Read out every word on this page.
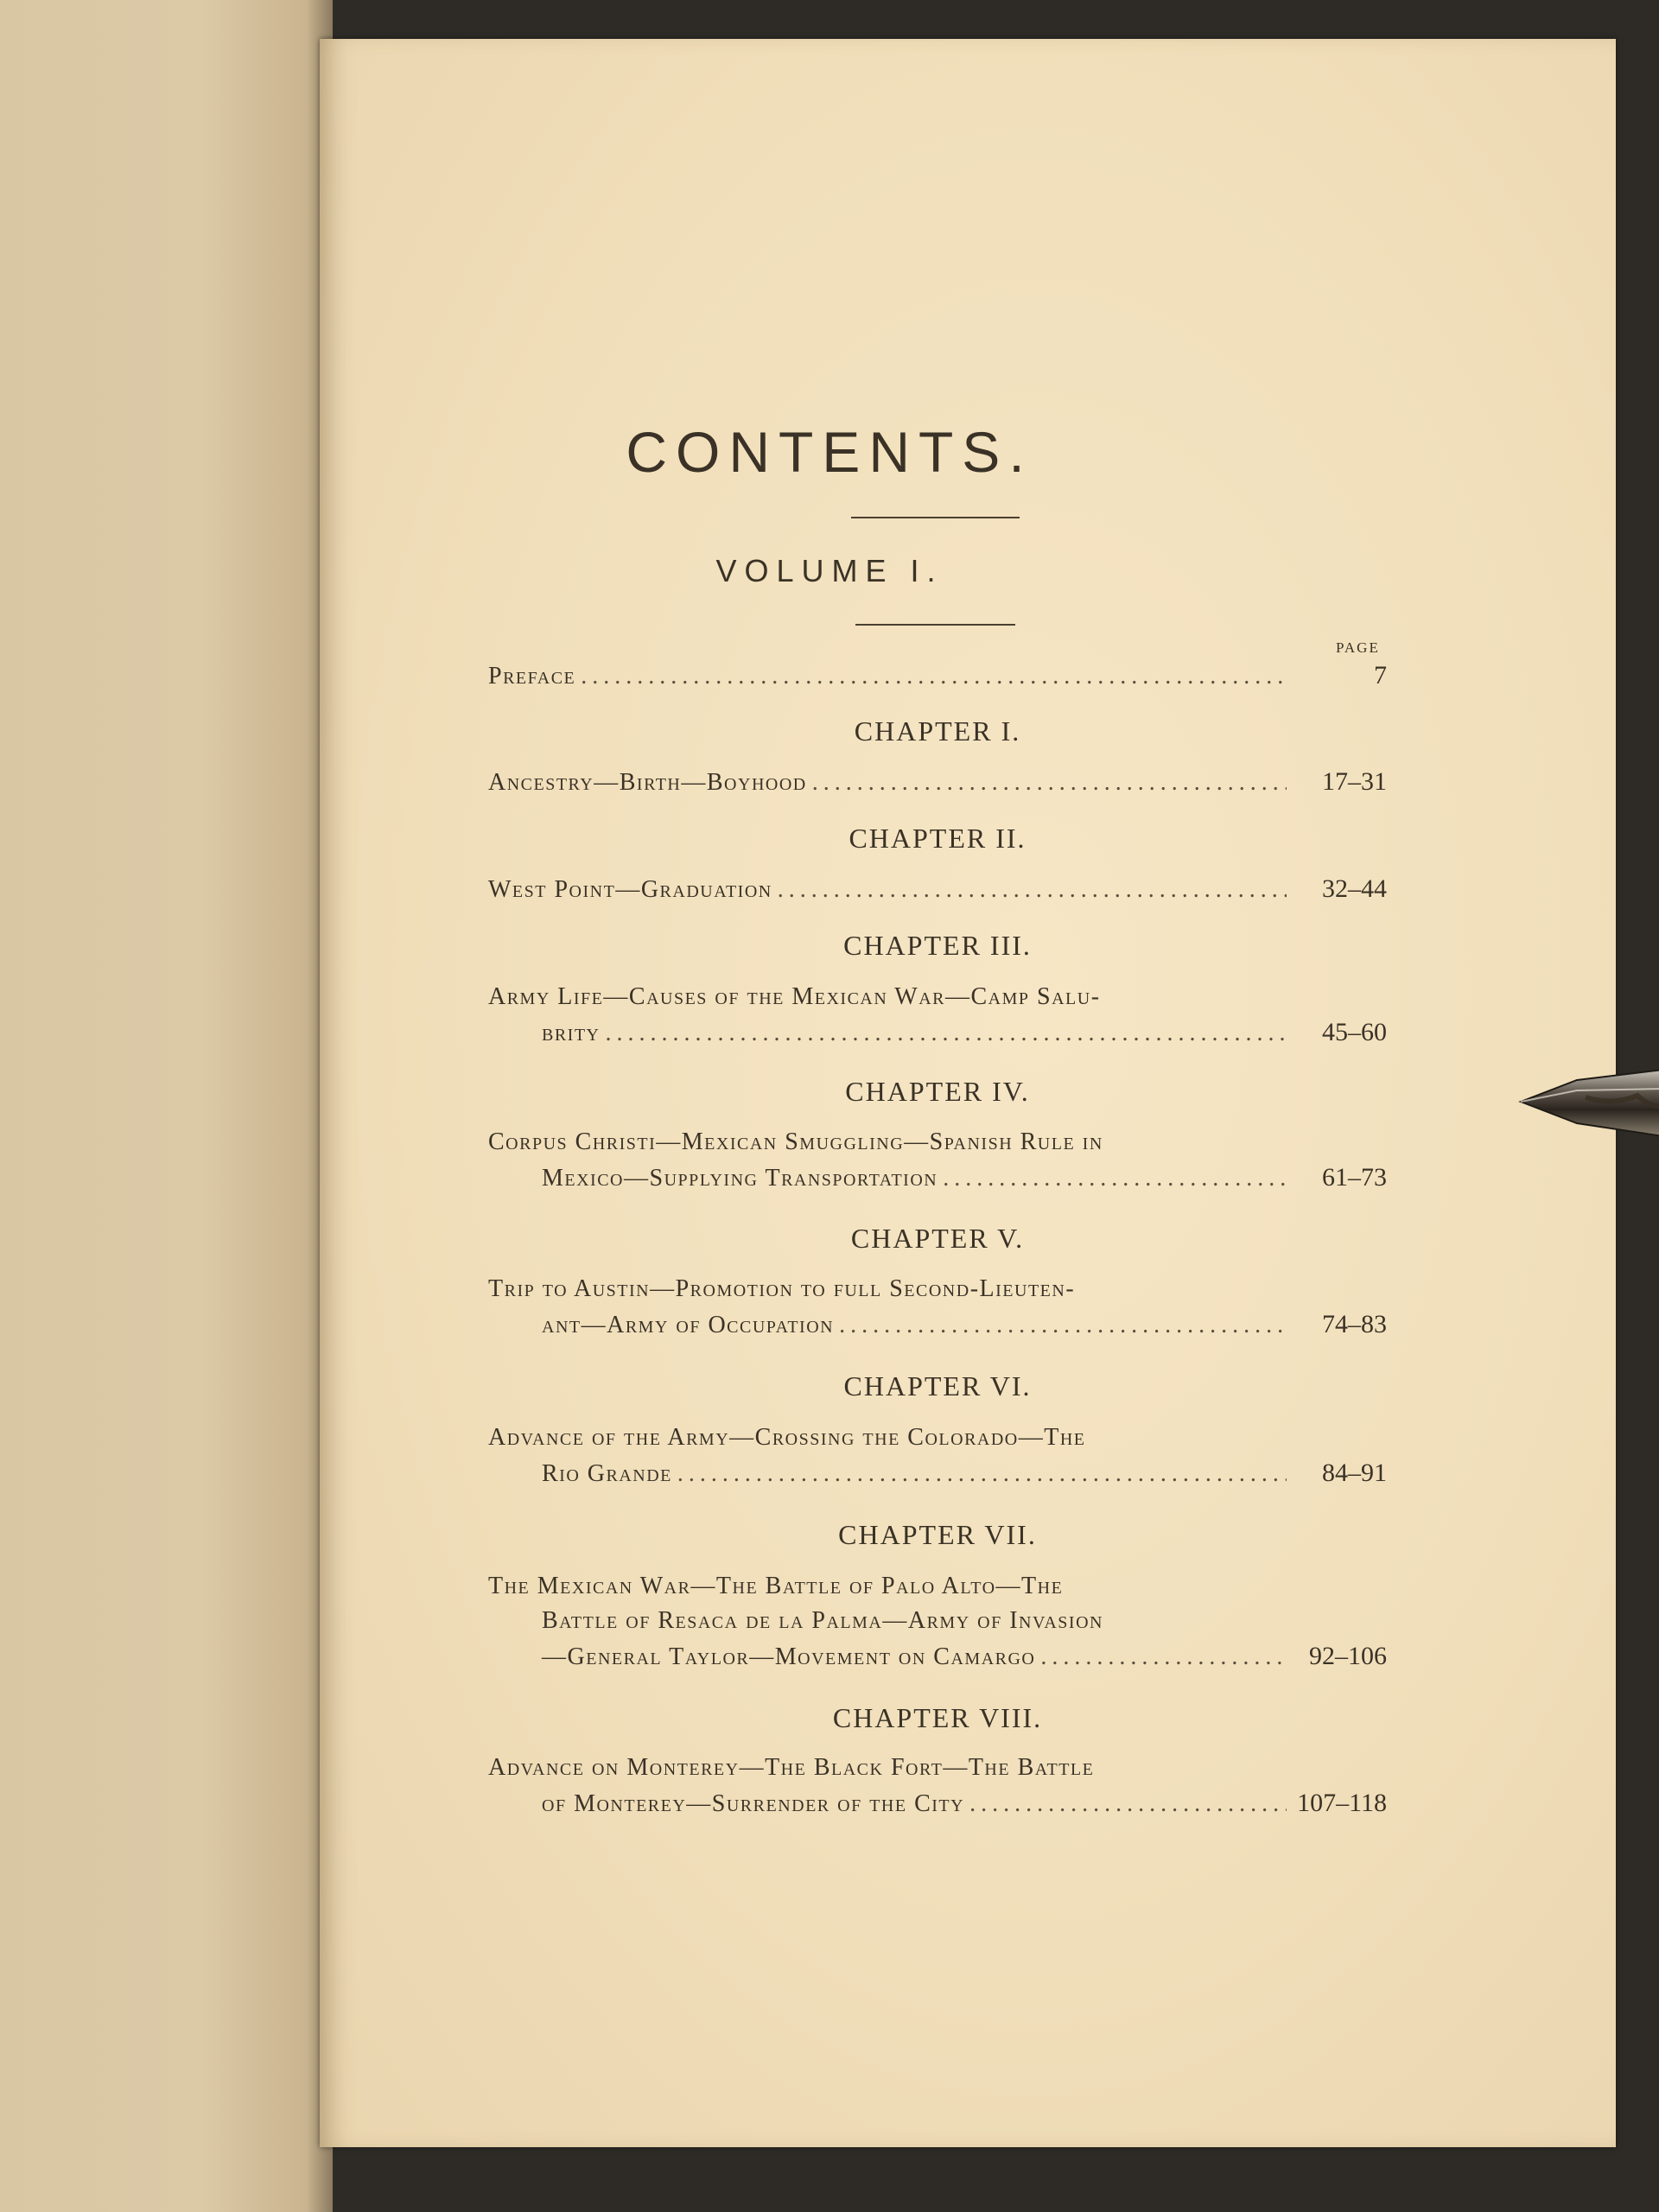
CONTENTS.
VOLUME I.
PAGE
Preface .....	7
CHAPTER I.
Ancestry—Birth—Boyhood .....	17–31
CHAPTER II.
West Point—Graduation .....	32–44
CHAPTER III.
Army Life—Causes of the Mexican War—Camp Salu-
brity .....	45–60
CHAPTER IV.
Corpus Christi—Mexican Smuggling—Spanish Rule in
Mexico—Supplying Transportation .....	61–73
CHAPTER V.
Trip to Austin—Promotion to full Second-Lieuten-
ant—Army of Occupation .....	74–83
CHAPTER VI.
Advance of the Army—Crossing the Colorado—The
Rio Grande .....	84–91
CHAPTER VII.
The Mexican War—The Battle of Palo Alto—The
Battle of Resaca de la Palma—Army of Invasion
—General Taylor—Movement on Camargo .....	92–106
CHAPTER VIII.
Advance on Monterey—The Black Fort—The Battle
of Monterey—Surrender of the City .....	107–118
